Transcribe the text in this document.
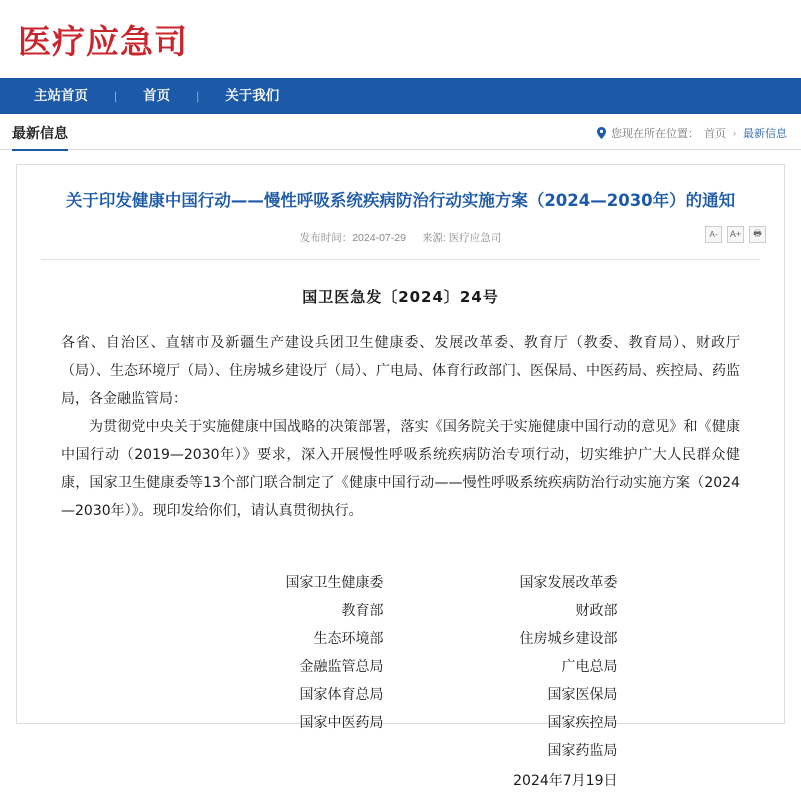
医疗应急司
主站首页	|	首页	|	关于我们
最新信息	您现在所在位置： 首页 › 最新信息
关于印发健康中国行动——慢性呼吸系统疾病防治行动实施方案（2024—2030年）的通知
发布时间：2024-07-29 来源: 医疗应急司	A-	A+	🖶
国卫医急发〔2024〕24号

各省、自治区、直辖市及新疆生产建设兵团卫生健康委、发展改革委、教育厅（教委、教育局）、财政厅（局）、生态环境厅（局）、住房城乡建设厅（局）、广电局、体育行政部门、医保局、中医药局、疾控局、药监局，各金融监管局：

为贯彻党中央关于实施健康中国战略的决策部署，落实《国务院关于实施健康中国行动的意见》和《健康中国行动（2019—2030年）》要求，深入开展慢性呼吸系统疾病防治专项行动，切实维护广大人民群众健康，国家卫生健康委等13个部门联合制定了《健康中国行动——慢性呼吸系统疾病防治行动实施方案（2024—2030年）》。现印发给你们，请认真贯彻执行。

国家卫生健康委
教育部
生态环境部
金融监管总局
国家体育总局
国家中医药局
国家发展改革委
财政部
住房城乡建设部
广电总局
国家医保局
国家疾控局
国家药监局
2024年7月19日
